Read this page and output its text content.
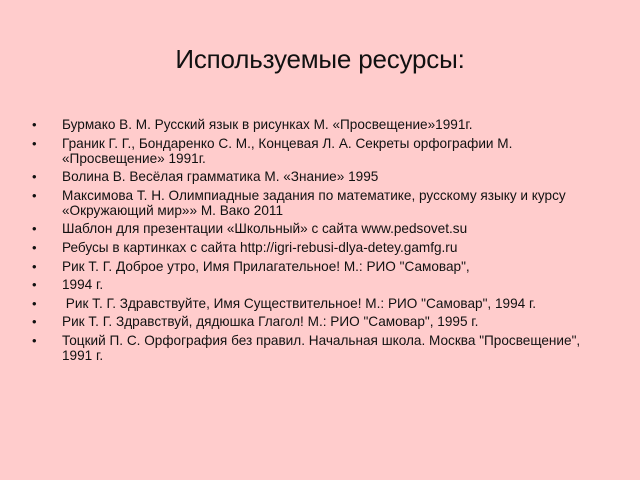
Используемые ресурсы:
• Бурмако В. М. Русский язык в рисунках М. «Просвещение»1991г.
• Граник Г. Г., Бондаренко С. М., Концевая Л. А. Секреты орфографии М. «Просвещение» 1991г.
• Волина В. Весёлая грамматика М. «Знание» 1995
• Максимова Т. Н. Олимпиадные задания по математике, русскому языку и курсу «Окружающий мир»» М. Вако 2011
• Шаблон для презентации «Школьный» с сайта www.pedsovet.su
• Ребусы в картинках с сайта http://igri-rebusi-dlya-detey.gamfg.ru
• Рик Т. Г. Доброе утро, Имя Прилагательное! М.: РИО "Самовар",
• 1994 г.
• Рик Т. Г. Здравствуйте, Имя Существительное! М.: РИО "Самовар", 1994 г.
• Рик Т. Г. Здравствуй, дядюшка Глагол! М.: РИО "Самовар", 1995 г.
• Тоцкий П. С. Орфография без правил. Начальная школа. Москва "Просвещение", 1991 г.
